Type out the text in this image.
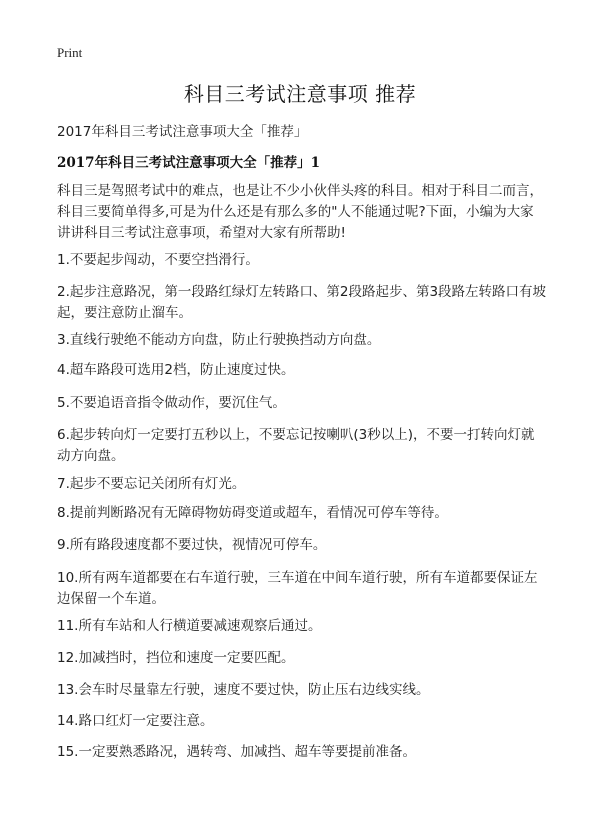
Print
科目三考试注意事项 推荐
2017年科目三考试注意事项大全「推荐」
2017年科目三考试注意事项大全「推荐」1

科目三是驾照考试中的难点，也是让不少小伙伴头疼的科目。相对于科目二而言，科目三要简单得多,可是为什么还是有那么多的"人不能通过呢?下面，小编为大家讲讲科目三考试注意事项，希望对大家有所帮助!

1.不要起步闯动，不要空挡滑行。

2.起步注意路况，第一段路红绿灯左转路口、第2段路起步、第3段路左转路口有坡起，要注意防止溜车。

3.直线行驶绝不能动方向盘，防止行驶换挡动方向盘。

4.超车路段可选用2档，防止速度过快。

5.不要追语音指令做动作，要沉住气。

6.起步转向灯一定要打五秒以上，不要忘记按喇叭(3秒以上)，不要一打转向灯就动方向盘。

7.起步不要忘记关闭所有灯光。

8.提前判断路况有无障碍物妨碍变道或超车，看情况可停车等待。

9.所有路段速度都不要过快，视情况可停车。

10.所有两车道都要在右车道行驶，三车道在中间车道行驶，所有车道都要保证左边保留一个车道。

11.所有车站和人行横道要减速观察后通过。

12.加减挡时，挡位和速度一定要匹配。

13.会车时尽量靠左行驶，速度不要过快，防止压右边线实线。

14.路口红灯一定要注意。

15.一定要熟悉路况，遇转弯、加减挡、超车等要提前准备。
